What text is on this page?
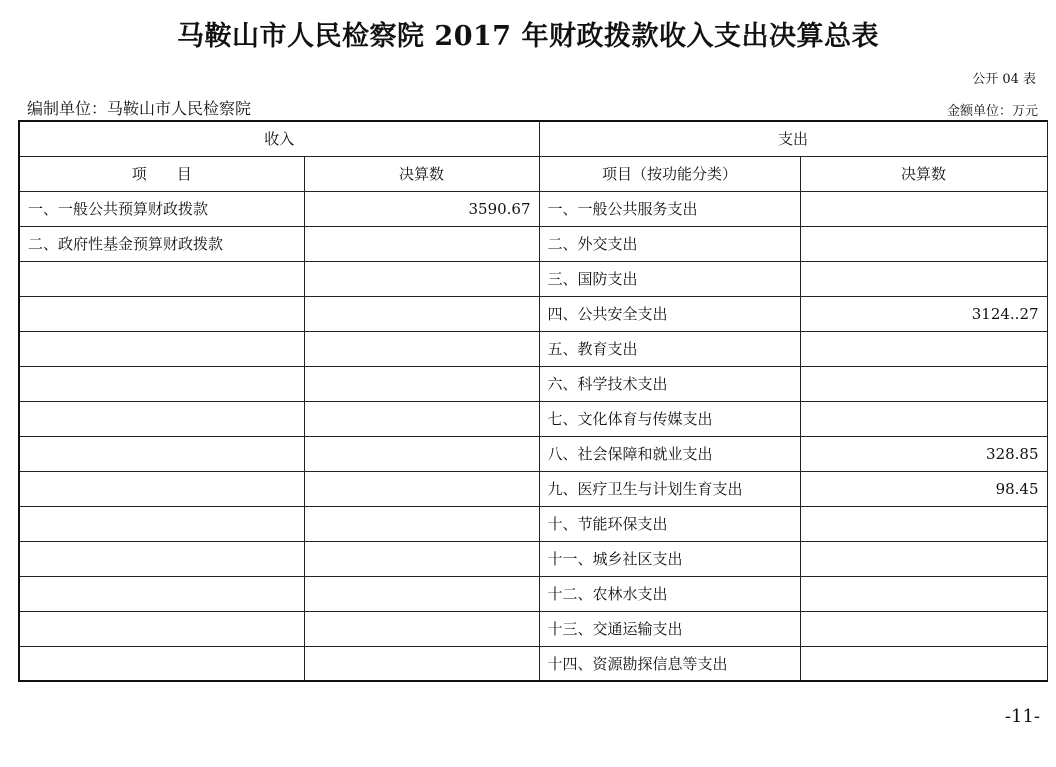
马鞍山市人民检察院 2017 年财政拨款收入支出决算总表
公开 04 表
编制单位：马鞍山市人民检察院	金额单位：万元
收入		支出	
项　　目	决算数	项目（按功能分类）	决算数
一、一般公共预算财政拨款	3590.67	一、一般公共服务支出	
二、政府性基金预算财政拨款		二、外交支出	
		三、国防支出	
		四、公共安全支出	3124..27
		五、教育支出	
		六、科学技术支出	
		七、文化体育与传媒支出	
		八、社会保障和就业支出	328.85
		九、医疗卫生与计划生育支出	98.45
		十、节能环保支出	
		十一、城乡社区支出	
		十二、农林水支出	
		十三、交通运输支出	
		十四、资源勘探信息等支出	
-11-
